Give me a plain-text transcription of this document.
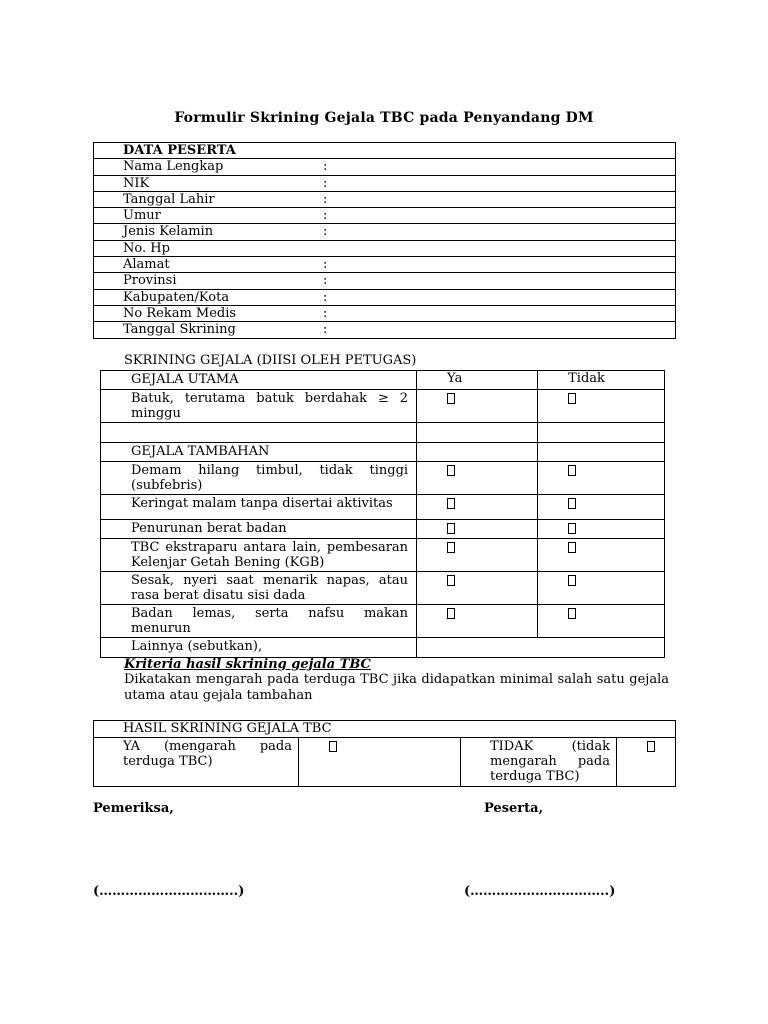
Formulir Skrining Gejala TBC pada Penyandang DM
DATA PESERTA
Nama Lengkap	:
NIK	:
Tanggal Lahir	:
Umur	:
Jenis Kelamin	:
No. Hp
Alamat	:
Provinsi	:
Kabupaten/Kota	:
No Rekam Medis	:
Tanggal Skrining	:
SKRINING GEJALA (DIISI OLEH PETUGAS)
GEJALA UTAMA	Ya	Tidak
Batuk, terutama batuk berdahak ≥ 2 minggu		

GEJALA TAMBAHAN		
Demam hilang timbul, tidak tinggi (subfebris)		
Keringat malam tanpa disertai aktivitas		
Penurunan berat badan		
TBC ekstraparu antara lain, pembesaran Kelenjar Getah Bening (KGB)		
Sesak, nyeri saat menarik napas, atau rasa berat disatu sisi dada		
Badan lemas, serta nafsu makan menurun		
Lainnya (sebutkan),		
Kriteria hasil skrining gejala TBC
Dikatakan mengarah pada terduga TBC jika didapatkan minimal salah satu gejala utama atau gejala tambahan
HASIL SKRINING GEJALA TBC
YA (mengarah pada terduga TBC)		TIDAK (tidak mengarah pada terduga TBC)	
Pemeriksa,	Peserta,
(…………………………..)	(…………………………..)
